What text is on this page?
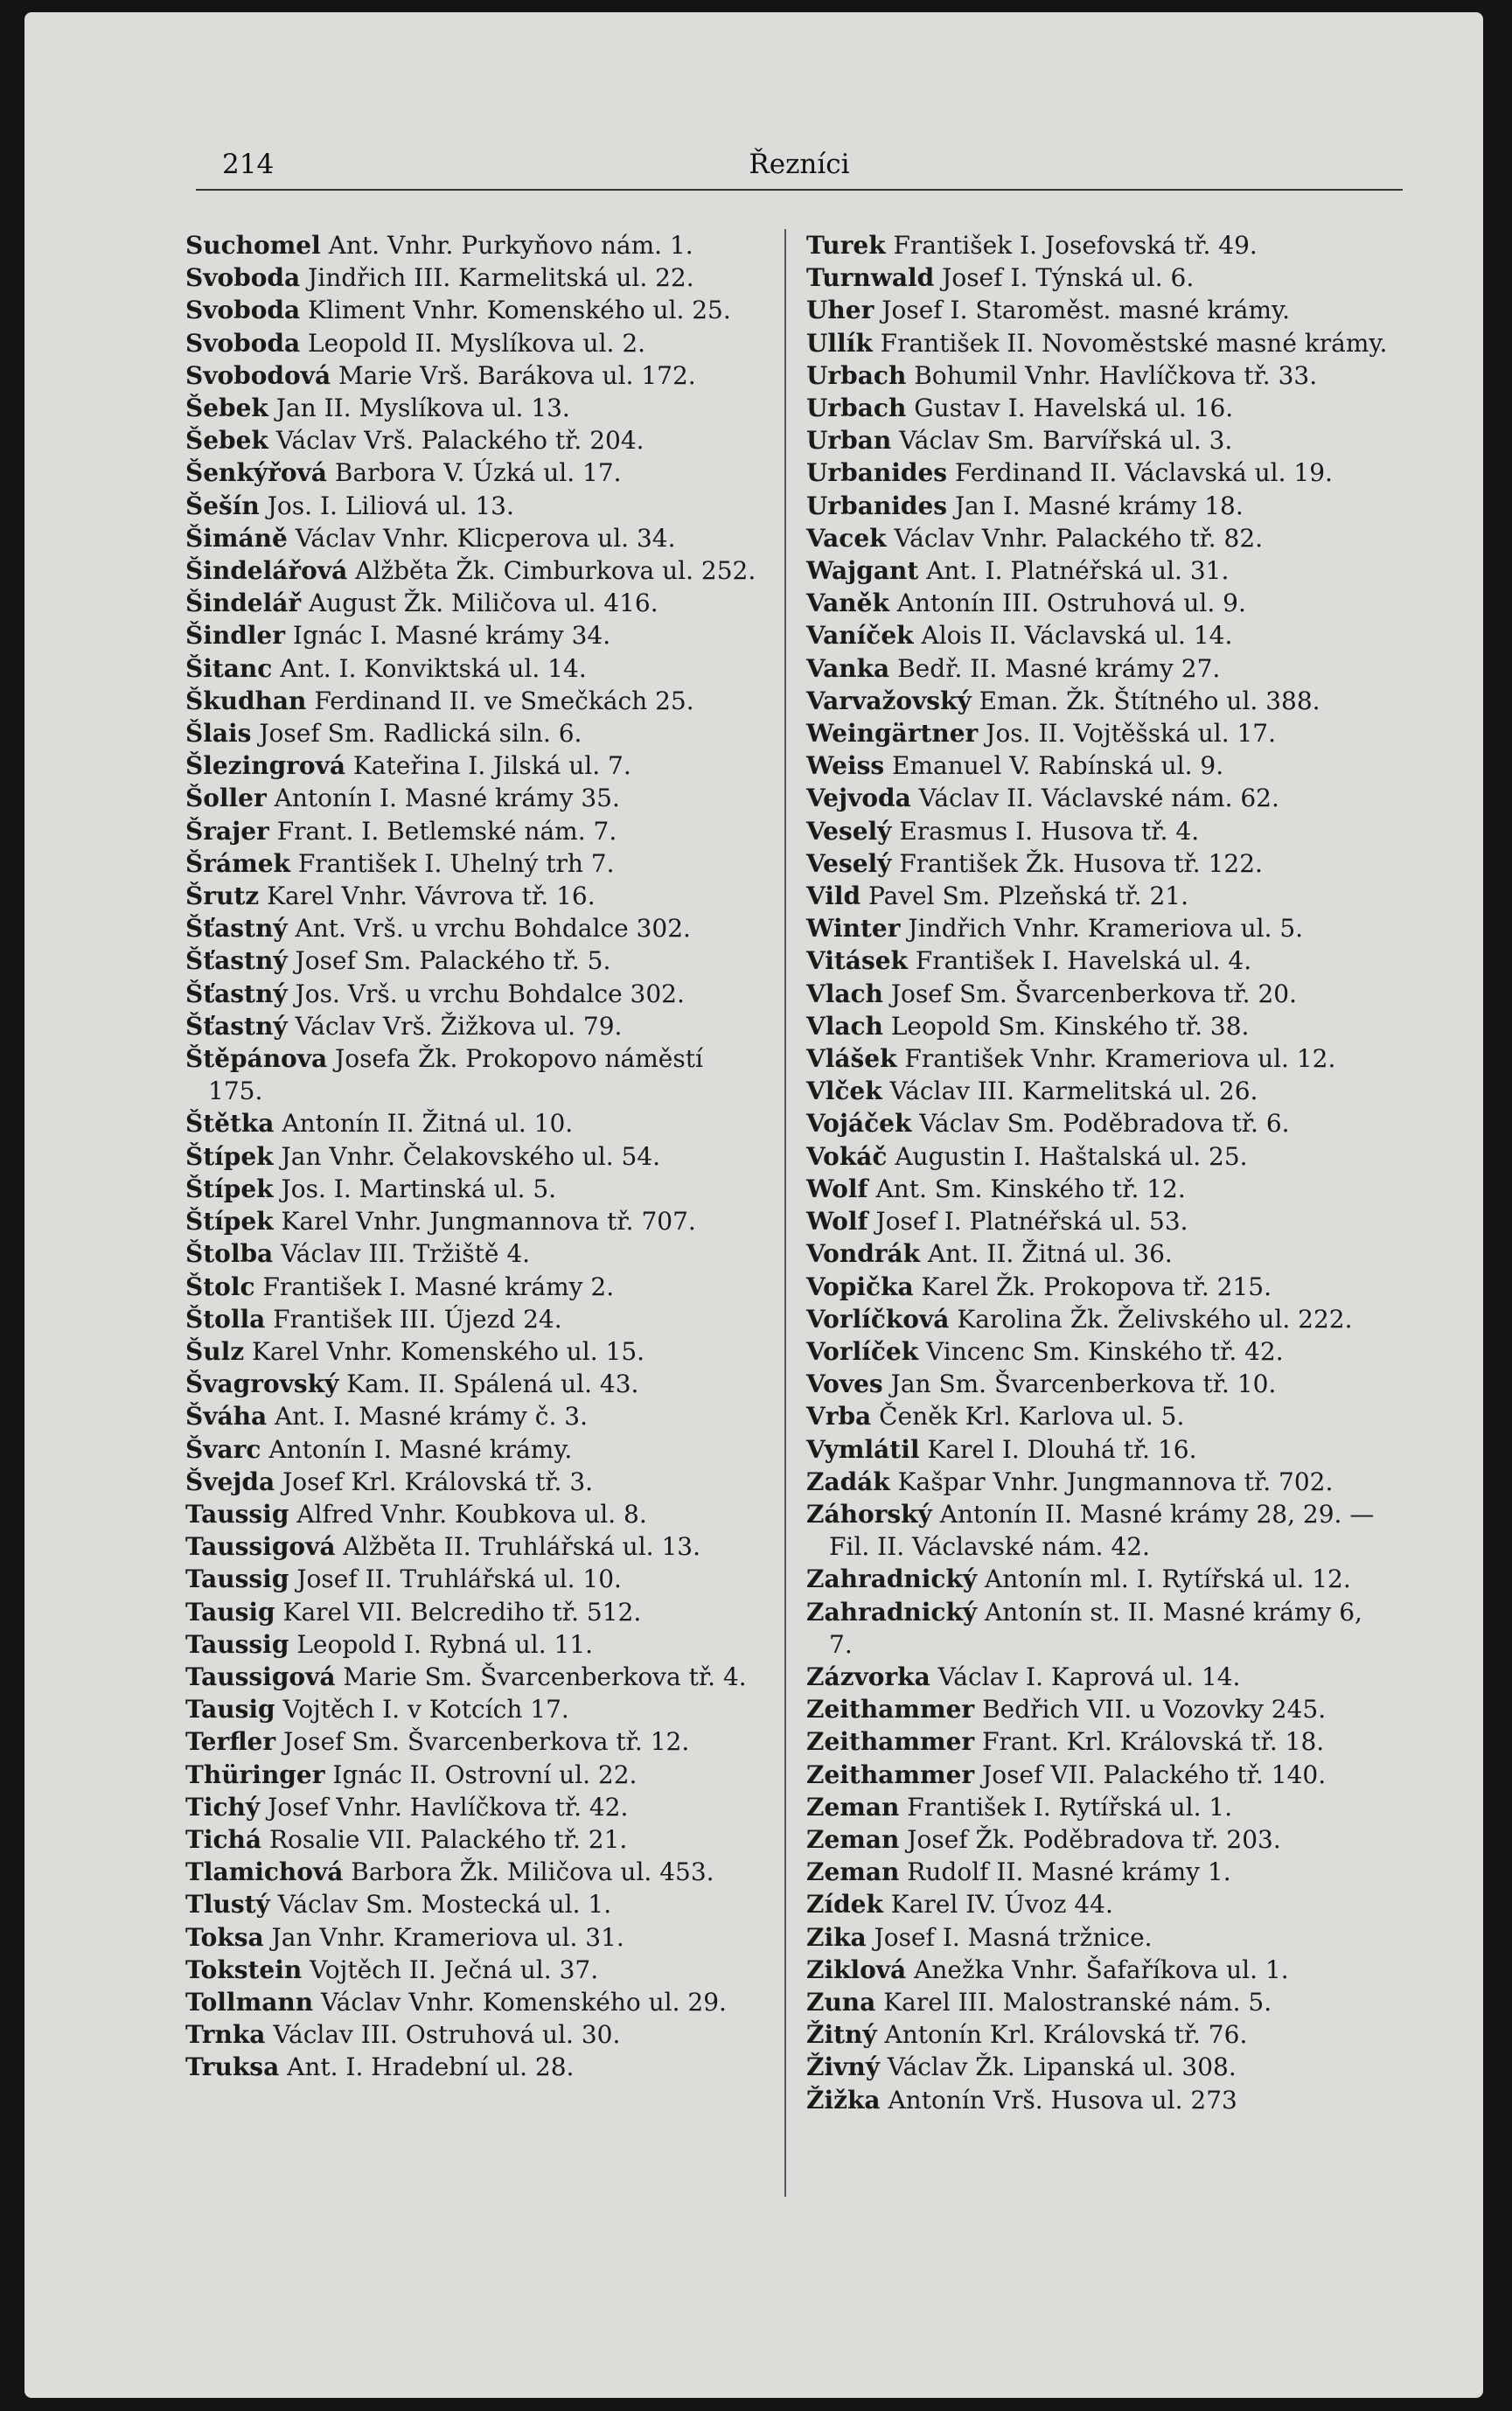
214	Řezníci

Suchomel Ant. Vnhr. Purkyňovo nám. 1.

Svoboda Jindřich III. Karmelitská ul. 22.

Svoboda Kliment Vnhr. Komenského ul. 25.

Svoboda Leopold II. Myslíkova ul. 2.

Svobodová Marie Vrš. Barákova ul. 172.

Šebek Jan II. Myslíkova ul. 13.

Šebek Václav Vrš. Palackého tř. 204.

Šenkýřová Barbora V. Úzká ul. 17.

Šešín Jos. I. Liliová ul. 13.

Šimáně Václav Vnhr. Klicperova ul. 34.

Šindelářová Alžběta Žk. Cimburkova ul. 252.

Šindelář August Žk. Miličova ul. 416.

Šindler Ignác I. Masné krámy 34.

Šitanc Ant. I. Konviktská ul. 14.

Škudhan Ferdinand II. ve Smečkách 25.

Šlais Josef Sm. Radlická siln. 6.

Šlezingrová Kateřina I. Jilská ul. 7.

Šoller Antonín I. Masné krámy 35.

Šrajer Frant. I. Betlemské nám. 7.

Šrámek František I. Uhelný trh 7.

Šrutz Karel Vnhr. Vávrova tř. 16.

Šťastný Ant. Vrš. u vrchu Bohdalce 302.

Šťastný Josef Sm. Palackého tř. 5.

Šťastný Jos. Vrš. u vrchu Bohdalce 302.

Šťastný Václav Vrš. Žižkova ul. 79.

Štěpánova Josefa Žk. Prokopovo náměstí 175.

Štětka Antonín II. Žitná ul. 10.

Štípek Jan Vnhr. Čelakovského ul. 54.

Štípek Jos. I. Martinská ul. 5.

Štípek Karel Vnhr. Jungmannova tř. 707.

Štolba Václav III. Tržiště 4.

Štolc František I. Masné krámy 2.

Štolla František III. Újezd 24.

Šulz Karel Vnhr. Komenského ul. 15.

Švagrovský Kam. II. Spálená ul. 43.

Šváha Ant. I. Masné krámy č. 3.

Švarc Antonín I. Masné krámy.

Švejda Josef Krl. Královská tř. 3.

Taussig Alfred Vnhr. Koubkova ul. 8.

Taussigová Alžběta II. Truhlářská ul. 13.

Taussig Josef II. Truhlářská ul. 10.

Tausig Karel VII. Belcrediho tř. 512.

Taussig Leopold I. Rybná ul. 11.

Taussigová Marie Sm. Švarcenberkova tř. 4.

Tausig Vojtěch I. v Kotcích 17.

Terfler Josef Sm. Švarcenberkova tř. 12.

Thüringer Ignác II. Ostrovní ul. 22.

Tichý Josef Vnhr. Havlíčkova tř. 42.

Tichá Rosalie VII. Palackého tř. 21.

Tlamichová Barbora Žk. Miličova ul. 453.

Tlustý Václav Sm. Mostecká ul. 1.

Toksa Jan Vnhr. Krameriova ul. 31.

Tokstein Vojtěch II. Ječná ul. 37.

Tollmann Václav Vnhr. Komenského ul. 29.

Trnka Václav III. Ostruhová ul. 30.

Truksa Ant. I. Hradební ul. 28.

Turek František I. Josefovská tř. 49.

Turnwald Josef I. Týnská ul. 6.

Uher Josef I. Staroměst. masné krámy.

Ullík František II. Novoměstské masné krámy.

Urbach Bohumil Vnhr. Havlíčkova tř. 33.

Urbach Gustav I. Havelská ul. 16.

Urban Václav Sm. Barvířská ul. 3.

Urbanides Ferdinand II. Václavská ul. 19.

Urbanides Jan I. Masné krámy 18.

Vacek Václav Vnhr. Palackého tř. 82.

Wajgant Ant. I. Platnéřská ul. 31.

Vaněk Antonín III. Ostruhová ul. 9.

Vaníček Alois II. Václavská ul. 14.

Vanka Bedř. II. Masné krámy 27.

Varvažovský Eman. Žk. Štítného ul. 388.

Weingärtner Jos. II. Vojtěšská ul. 17.

Weiss Emanuel V. Rabínská ul. 9.

Vejvoda Václav II. Václavské nám. 62.

Veselý Erasmus I. Husova tř. 4.

Veselý František Žk. Husova tř. 122.

Vild Pavel Sm. Plzeňská tř. 21.

Winter Jindřich Vnhr. Krameriova ul. 5.

Vitásek František I. Havelská ul. 4.

Vlach Josef Sm. Švarcenberkova tř. 20.

Vlach Leopold Sm. Kinského tř. 38.

Vlášek František Vnhr. Krameriova ul. 12.

Vlček Václav III. Karmelitská ul. 26.

Vojáček Václav Sm. Poděbradova tř. 6.

Vokáč Augustin I. Haštalská ul. 25.

Wolf Ant. Sm. Kinského tř. 12.

Wolf Josef I. Platnéřská ul. 53.

Vondrák Ant. II. Žitná ul. 36.

Vopička Karel Žk. Prokopova tř. 215.

Vorlíčková Karolina Žk. Želivského ul. 222.

Vorlíček Vincenc Sm. Kinského tř. 42.

Voves Jan Sm. Švarcenberkova tř. 10.

Vrba Čeněk Krl. Karlova ul. 5.

Vymlátil Karel I. Dlouhá tř. 16.

Zadák Kašpar Vnhr. Jungmannova tř. 702.

Záhorský Antonín II. Masné krámy 28, 29. — Fil. II. Václavské nám. 42.

Zahradnický Antonín ml. I. Rytířská ul. 12.

Zahradnický Antonín st. II. Masné krámy 6, 7.

Zázvorka Václav I. Kaprová ul. 14.

Zeithammer Bedřich VII. u Vozovky 245.

Zeithammer Frant. Krl. Královská tř. 18.

Zeithammer Josef VII. Palackého tř. 140.

Zeman František I. Rytířská ul. 1.

Zeman Josef Žk. Poděbradova tř. 203.

Zeman Rudolf II. Masné krámy 1.

Zídek Karel IV. Úvoz 44.

Zika Josef I. Masná tržnice.

Ziklová Anežka Vnhr. Šafaříkova ul. 1.

Zuna Karel III. Malostranské nám. 5.

Žitný Antonín Krl. Královská tř. 76.

Živný Václav Žk. Lipanská ul. 308.

Žižka Antonín Vrš. Husova ul. 273
